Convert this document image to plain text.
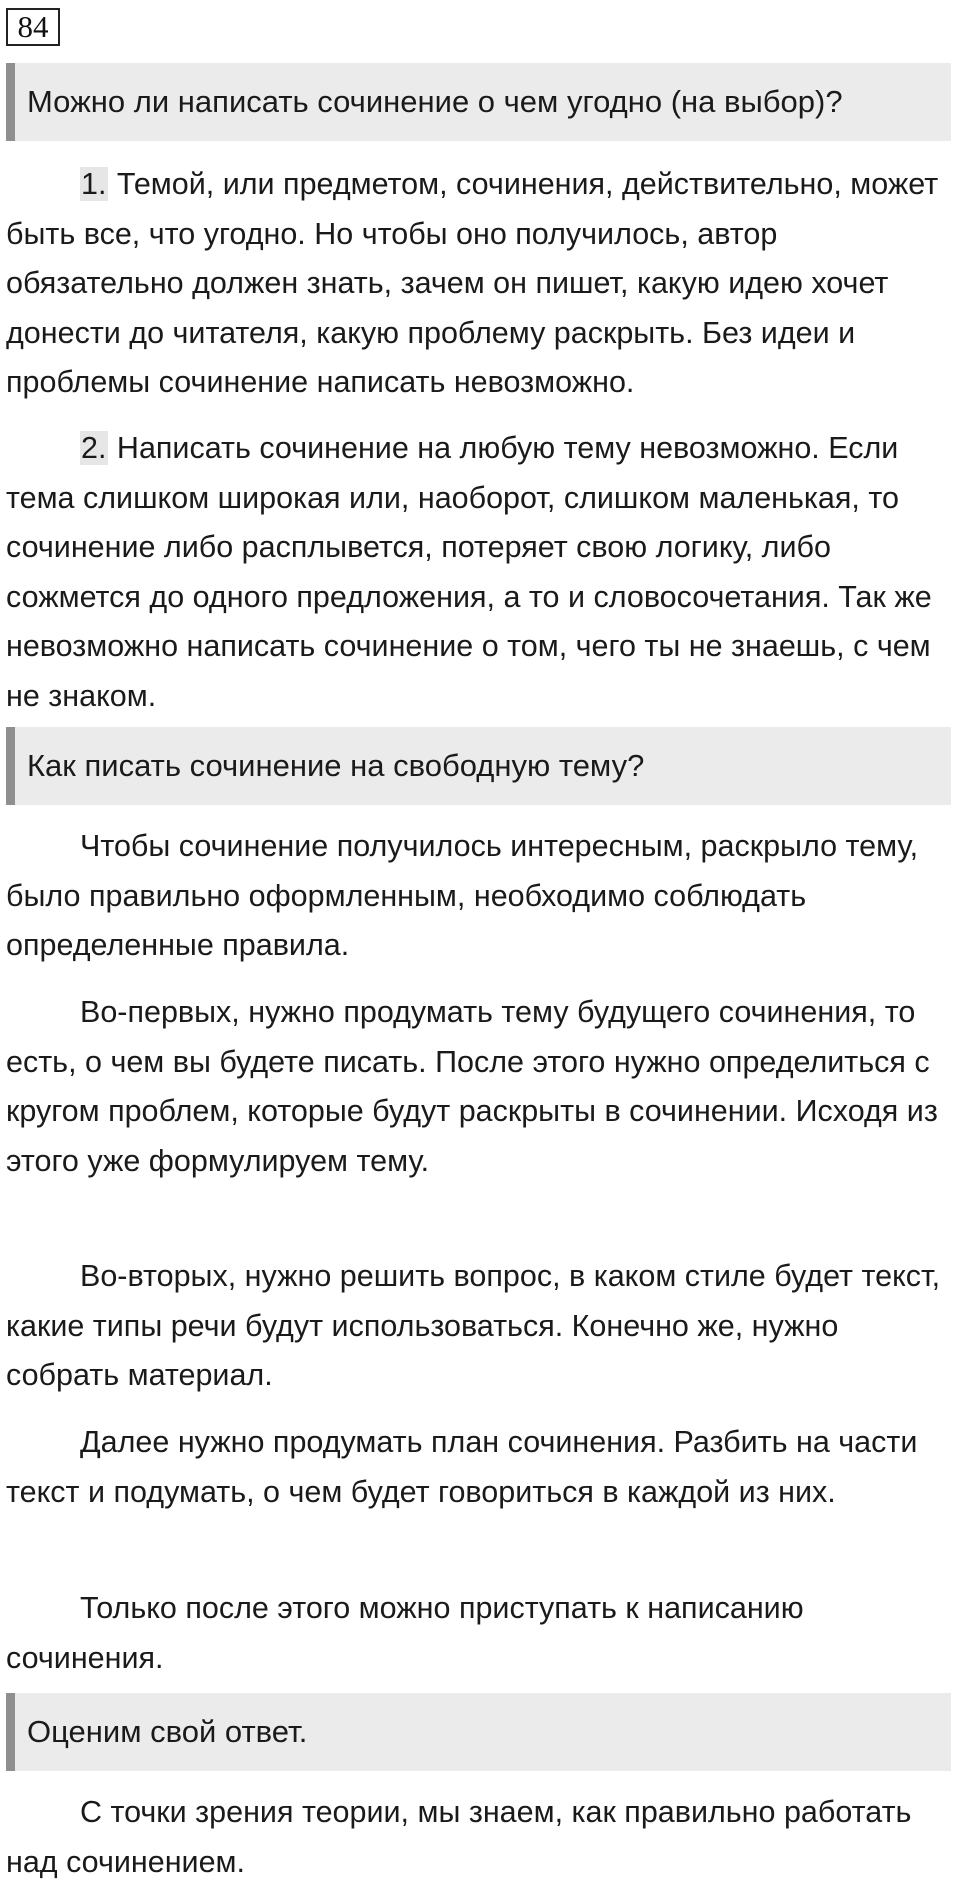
84
Можно ли написать сочинение о чем угодно (на выбор)?

1. Темой, или предметом, сочинения, действительно, может быть все, что угодно. Но чтобы оно получилось, автор обязательно должен знать, зачем он пишет, какую идею хочет донести до читателя, какую проблему раскрыть. Без идеи и проблемы сочинение написать невозможно.

2. Написать сочинение на любую тему невозможно. Если тема слишком широкая или, наоборот, слишком маленькая, то сочинение либо расплывется, потеряет свою логику, либо сожмется до одного предложения, а то и словосочетания. Так же невозможно написать сочинение о том, чего ты не знаешь, с чем не знаком.

Как писать сочинение на свободную тему?

Чтобы сочинение получилось интересным, раскрыло тему, было правильно оформленным, необходимо соблюдать определенные правила.

Во-первых, нужно продумать тему будущего сочинения, то есть, о чем вы будете писать. После этого нужно определиться с кругом проблем, которые будут раскрыты в сочинении. Исходя из этого уже формулируем тему.

Во-вторых, нужно решить вопрос, в каком стиле будет текст, какие типы речи будут использоваться. Конечно же, нужно собрать материал.

Далее нужно продумать план сочинения. Разбить на части текст и подумать, о чем будет говориться в каждой из них.

Только после этого можно приступать к написанию сочинения.

Оценим свой ответ.

С точки зрения теории, мы знаем, как правильно работать над сочинением.
